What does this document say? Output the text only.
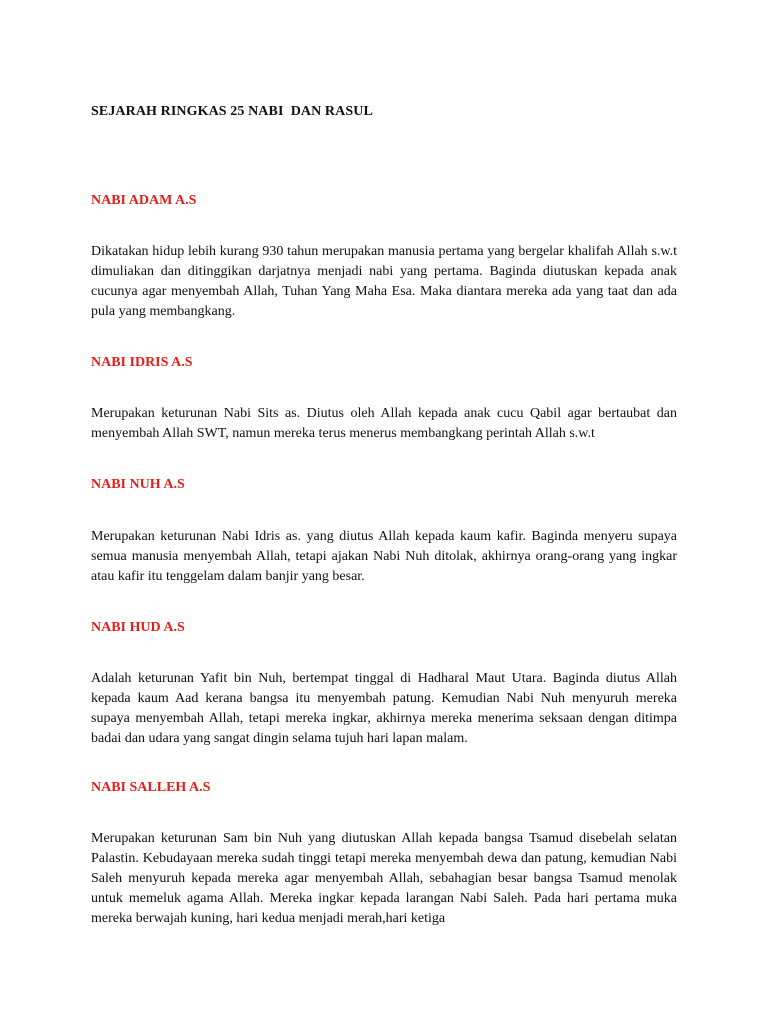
SEJARAH RINGKAS 25 NABI  DAN RASUL
NABI ADAM A.S

Dikatakan hidup lebih kurang 930 tahun merupakan manusia pertama yang bergelar khalifah Allah s.w.t dimuliakan dan ditinggikan darjatnya menjadi nabi yang pertama. Baginda diutuskan kepada anak cucunya agar menyembah Allah, Tuhan Yang Maha Esa. Maka diantara mereka ada yang taat dan ada pula yang membangkang.

NABI IDRIS A.S

Merupakan keturunan Nabi Sits as. Diutus oleh Allah kepada anak cucu Qabil agar bertaubat dan menyembah Allah SWT, namun mereka terus menerus membangkang perintah Allah s.w.t

NABI NUH A.S

Merupakan keturunan Nabi Idris as. yang diutus Allah kepada kaum kafir. Baginda menyeru supaya semua manusia menyembah Allah, tetapi ajakan Nabi Nuh ditolak, akhirnya orang-orang yang ingkar atau kafir itu tenggelam dalam banjir yang besar.

NABI HUD A.S

Adalah keturunan Yafit bin Nuh, bertempat tinggal di Hadharal Maut Utara. Baginda diutus Allah kepada kaum Aad kerana bangsa itu menyembah patung. Kemudian Nabi Nuh menyuruh mereka supaya menyembah Allah, tetapi mereka ingkar, akhirnya mereka menerima seksaan dengan ditimpa badai dan udara yang sangat dingin selama tujuh hari lapan malam.

NABI SALLEH A.S

Merupakan keturunan Sam bin Nuh yang diutuskan Allah kepada bangsa Tsamud disebelah selatan Palastin. Kebudayaan mereka sudah tinggi tetapi mereka menyembah dewa dan patung, kemudian Nabi Saleh menyuruh kepada mereka agar menyembah Allah, sebahagian besar bangsa Tsamud menolak untuk memeluk agama Allah. Mereka ingkar kepada larangan Nabi Saleh. Pada hari pertama muka mereka berwajah kuning, hari kedua menjadi merah,hari ketiga
